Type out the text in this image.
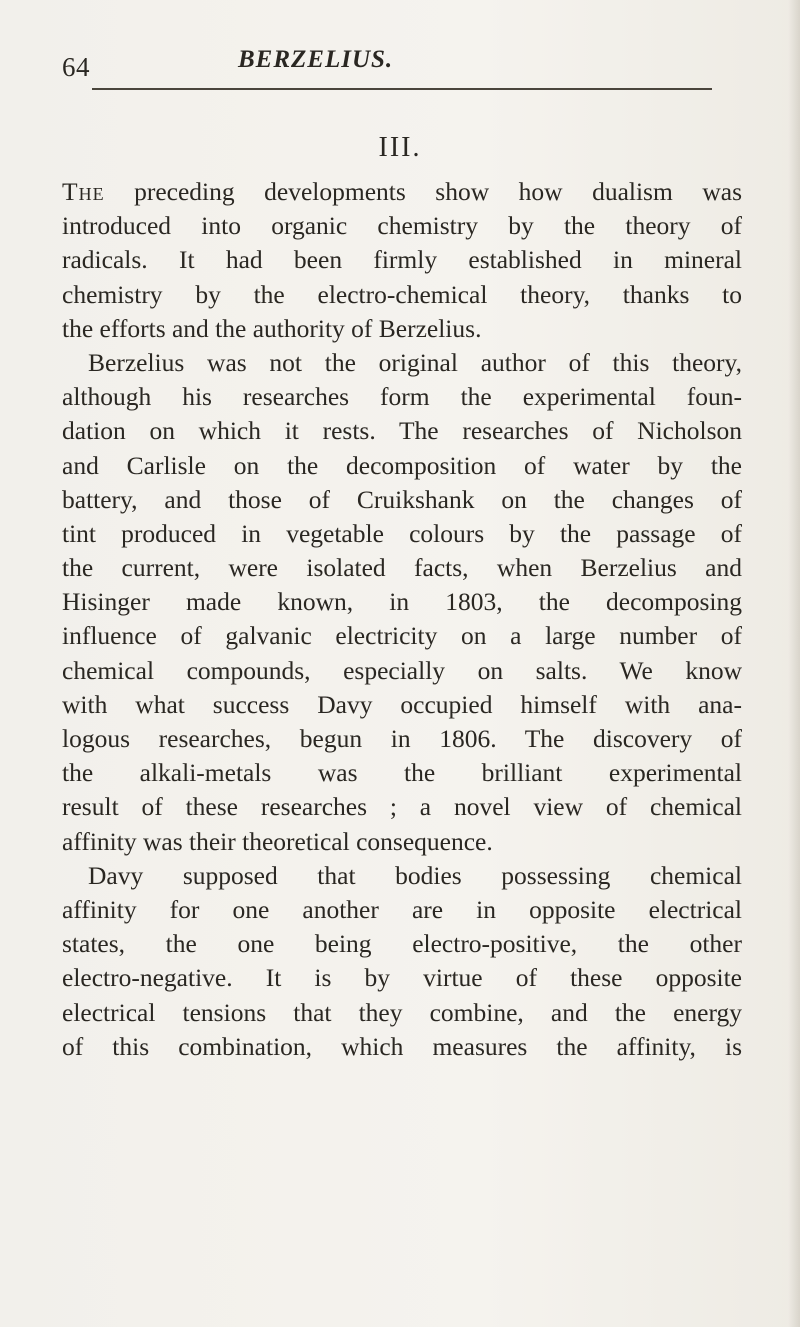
64	BERZELIUS.
III.
The preceding developments show how dualism was
introduced into organic chemistry by the theory of
radicals. It had been firmly established in mineral
chemistry by the electro-chemical theory, thanks to
the efforts and the authority of Berzelius.
Berzelius was not the original author of this theory,
although his researches form the experimental foun-
dation on which it rests. The researches of Nicholson
and Carlisle on the decomposition of water by the
battery, and those of Cruikshank on the changes of
tint produced in vegetable colours by the passage of
the current, were isolated facts, when Berzelius and
Hisinger made known, in 1803, the decomposing
influence of galvanic electricity on a large number of
chemical compounds, especially on salts. We know
with what success Davy occupied himself with ana-
logous researches, begun in 1806. The discovery of
the alkali-metals was the brilliant experimental
result of these researches ; a novel view of chemical
affinity was their theoretical consequence.
Davy supposed that bodies possessing chemical
affinity for one another are in opposite electrical
states, the one being electro-positive, the other
electro-negative. It is by virtue of these opposite
electrical tensions that they combine, and the energy
of this combination, which measures the affinity, is
